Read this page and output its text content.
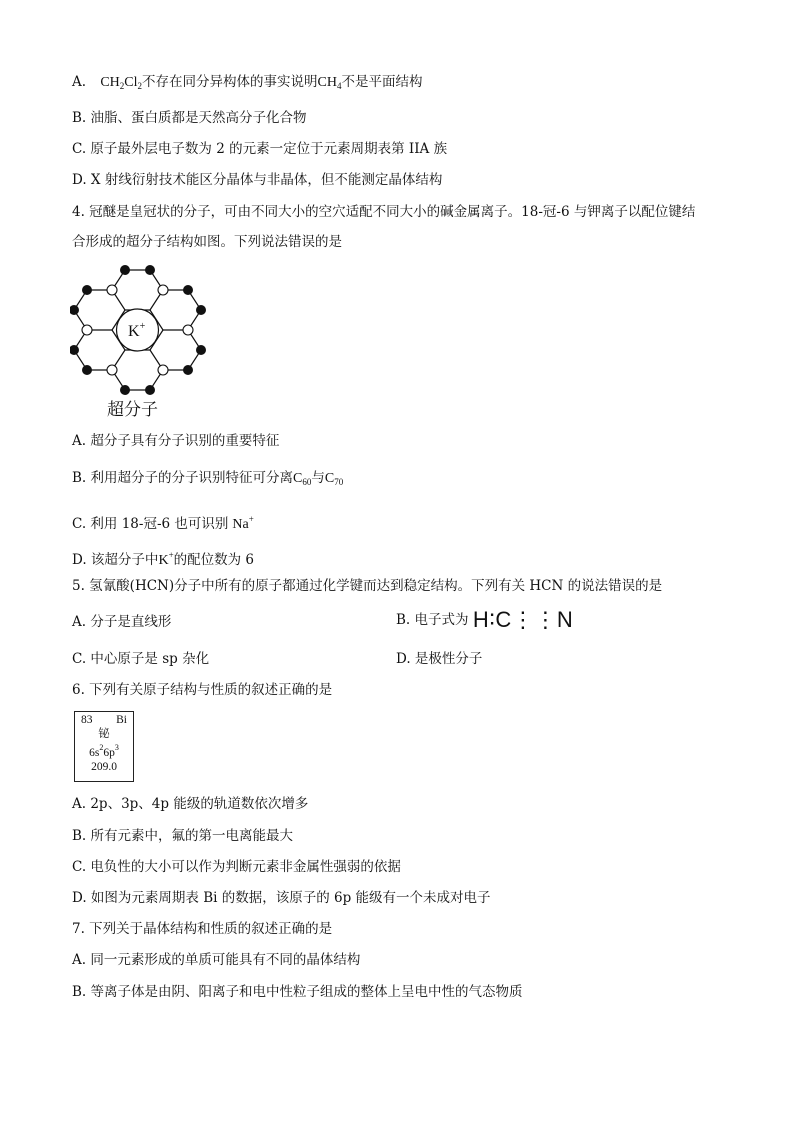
A. $CH_2Cl_2$不存在同分异构体的事实说明$CH_4$不是平面结构
B. 油脂、蛋白质都是天然高分子化合物
C. 原子最外层电子数为 2 的元素一定位于元素周期表第 IIA 族
D. X 射线衍射技术能区分晶体与非晶体，但不能测定晶体结构
4. 冠醚是皇冠状的分子，可由不同大小的空穴适配不同大小的碱金属离子。18-冠-6 与钾离子以配位键结
合形成的超分子结构如图。下列说法错误的是
K+
超分子
A. 超分子具有分子识别的重要特征
B. 利用超分子的分子识别特征可分离$C_{60}$与$C_{70}$
C. 利用 18-冠-6 也可识别 Na+
D. 该超分子中K+的配位数为 6
5. 氢氰酸(HCN)分子中所有的原子都通过化学键而达到稳定结构。下列有关 HCN 的说法错误的是
A. 分子是直线形	B. 电子式为 H∶C⋮⋮N
C. 中心原子是 sp 杂化	D. 是极性分子
6. 下列有关原子结构与性质的叙述正确的是
83 Bi
铋
$6s^26p^3$
209.0
A. 2p、3p、4p 能级的轨道数依次增多
B. 所有元素中，氟的第一电离能最大
C. 电负性的大小可以作为判断元素非金属性强弱的依据
D. 如图为元素周期表 Bi 的数据，该原子的 6p 能级有一个未成对电子
7. 下列关于晶体结构和性质的叙述正确的是
A. 同一元素形成的单质可能具有不同的晶体结构
B. 等离子体是由阴、阳离子和电中性粒子组成的整体上呈电中性的气态物质
